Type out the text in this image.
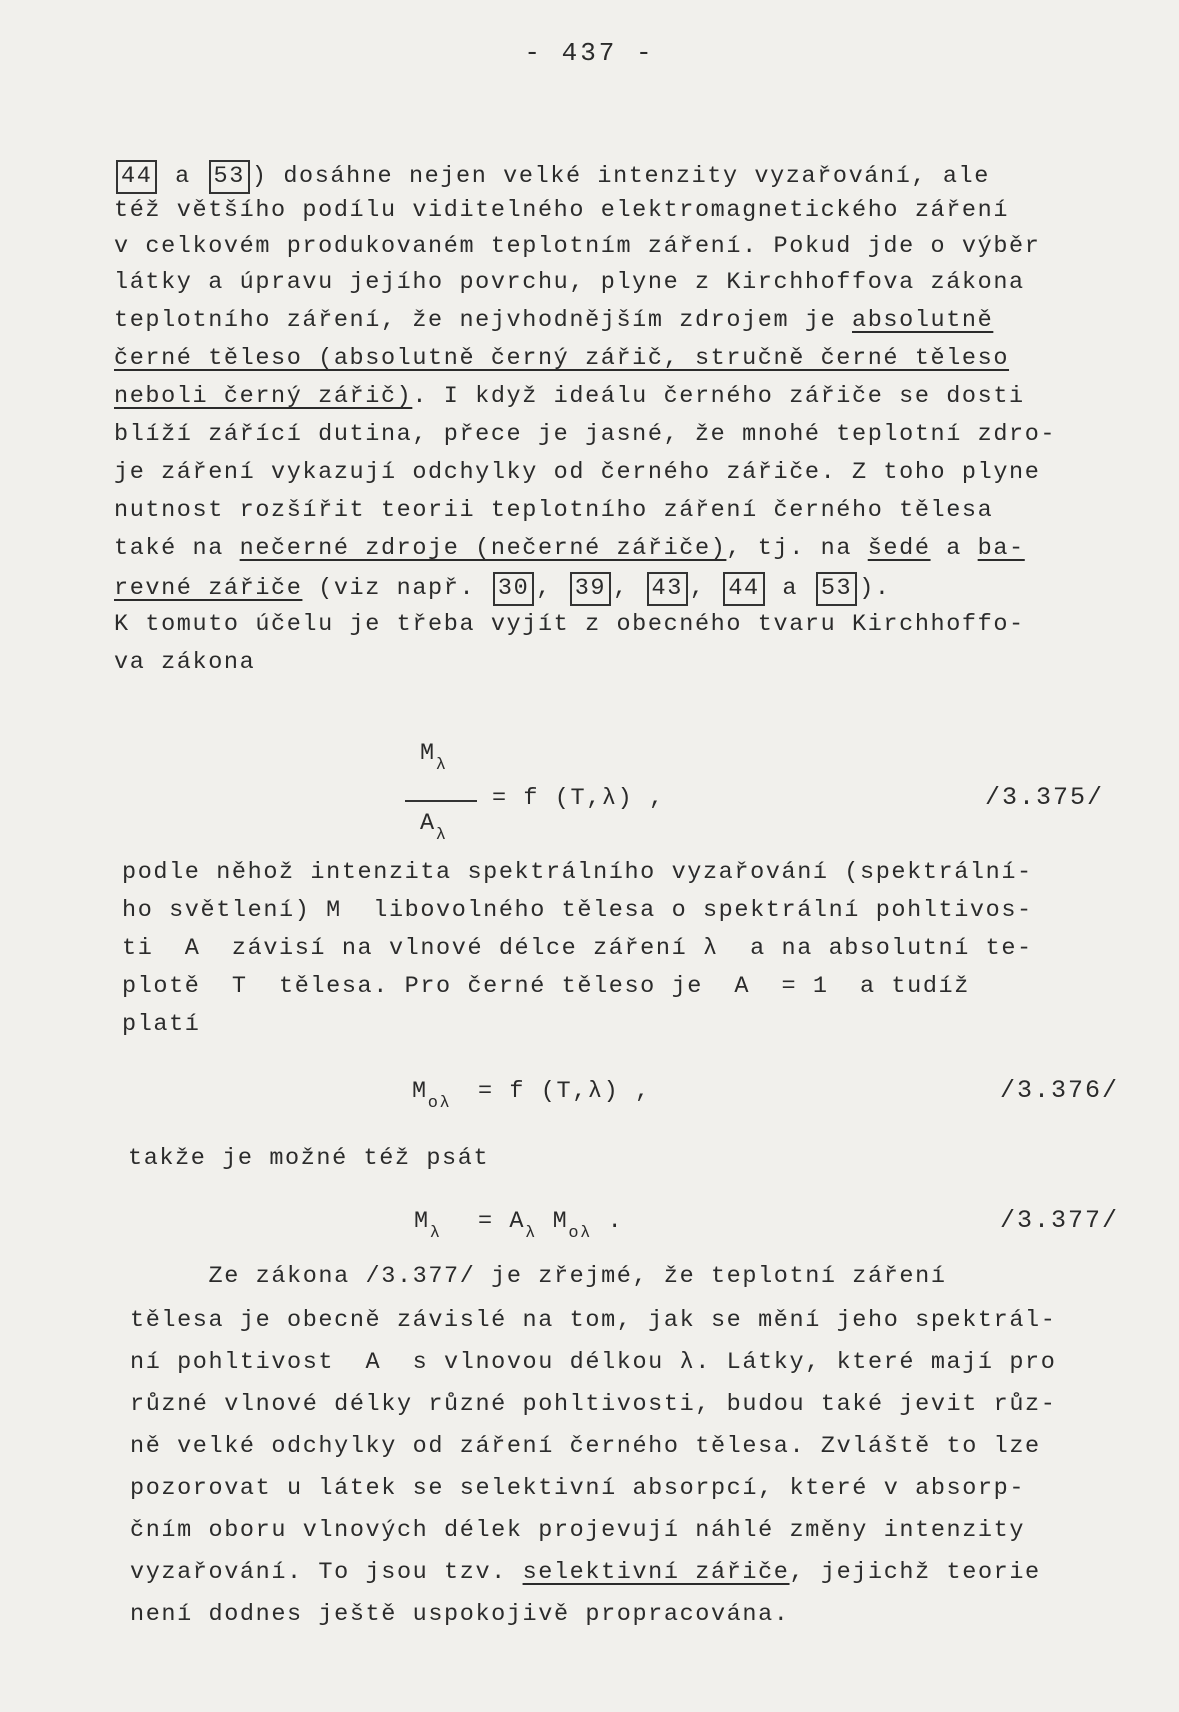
- 437 -
44 a 53 ) dosáhne nejen velké intenzity vyzařování, ale
též většího podílu viditelného elektromagnetického záření
v celkovém produkovaném teplotním záření. Pokud jde o výběr
látky a úpravu jejího povrchu, plyne z Kirchhoffova zákona
teplotního záření, že nejvhodnějším zdrojem je absolutně
černé těleso (absolutně černý zářič, stručně černé těleso
neboli černý zářič). I když ideálu černého zářiče se dosti
blíží zářící dutina, přece je jasné, že mnohé teplotní zdro-
je záření vykazují odchylky od černého zářiče. Z toho plyne
nutnost rozšířit teorii teplotního záření černého tělesa
také na nečerné zdroje (nečerné zářiče), tj. na šedé a ba-
revné zářiče (viz např. 30 , 39 , 43 , 44 a 53 ).
K tomuto účelu je třeba vyjít z obecného tvaru Kirchhoffo-
va zákona
$M_\lambda$
$A_\lambda$
= f (T,λ) ,	/3.375/
podle něhož intenzita spektrálního vyzařování (spektrální-
ho světlení) M  libovolného tělesa o spektrální pohltivos-
ti  A  závisí na vlnové délce záření λ  a na absolutní te-
plotě  T  tělesa. Pro černé těleso je  A  = 1  a tudíž
platí
$M_{o\lambda} = f$ (T,λ) ,	/3.376/
takže je možné též psát
$M_\lambda = A_\lambda$ $M_{o\lambda}$ .	/3.377/
Ze zákona /3.377/ je zřejmé, že teplotní záření
tělesa je obecně závislé na tom, jak se mění jeho spektrál-
ní pohltivost  A  s vlnovou délkou λ. Látky, které mají pro
různé vlnové délky různé pohltivosti, budou také jevit růz-
ně velké odchylky od záření černého tělesa. Zvláště to lze
pozorovat u látek se selektivní absorpcí, které v absorp-
čním oboru vlnových délek projevují náhlé změny intenzity
vyzařování. To jsou tzv. selektivní zářiče, jejichž teorie
není dodnes ještě uspokojivě propracována.
